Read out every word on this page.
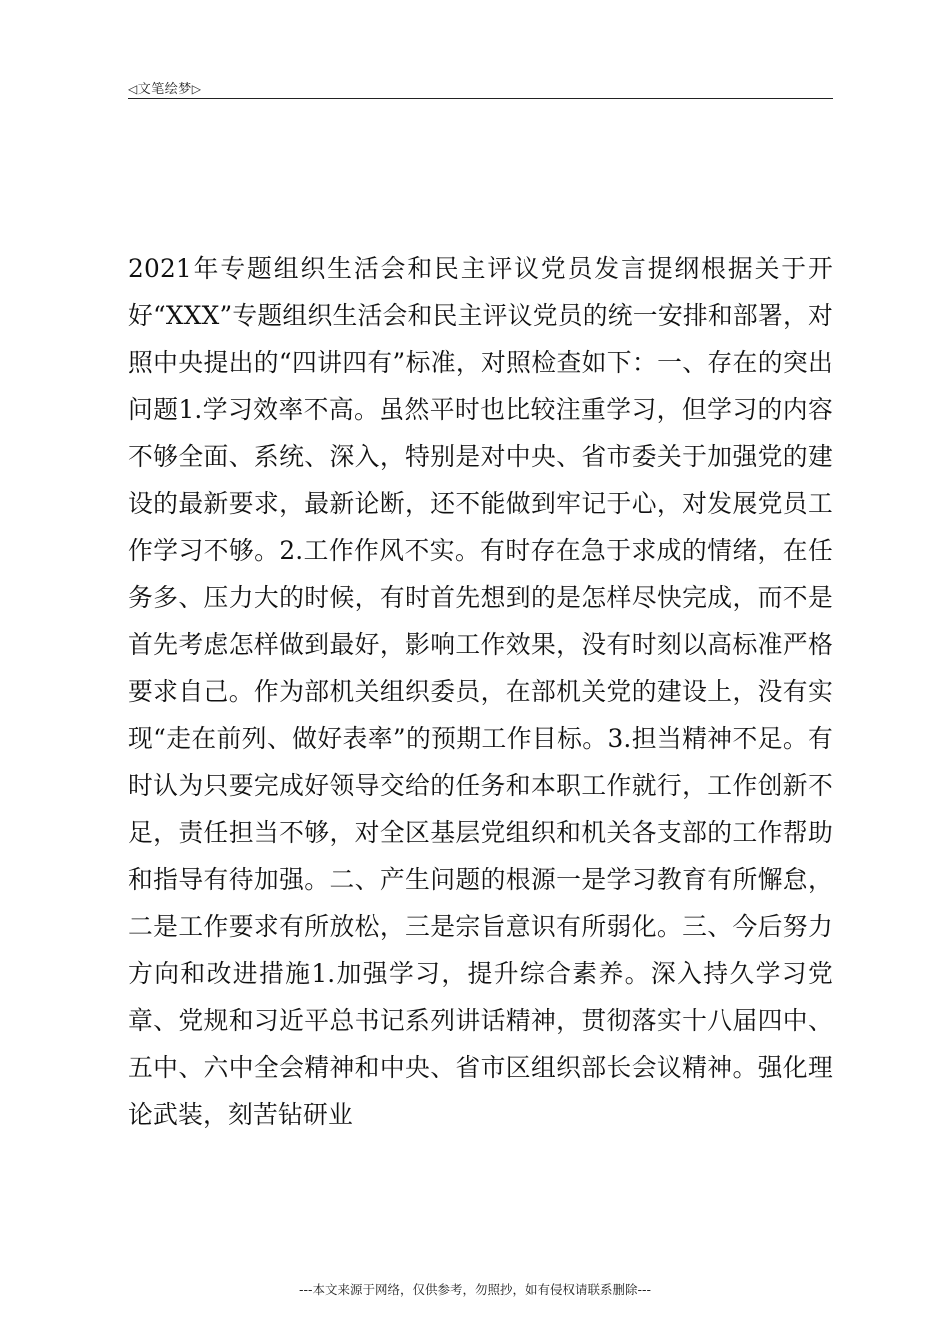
◁文笔绘梦▷
2021年专题组织生活会和民主评议党员发言提纲根据关于开好“XXX”专题组织生活会和民主评议党员的统一安排和部署，对照中央提出的“四讲四有”标准，对照检查如下：一、存在的突出问题1.学习效率不高。虽然平时也比较注重学习，但学习的内容不够全面、系统、深入，特别是对中央、省市委关于加强党的建设的最新要求，最新论断，还不能做到牢记于心，对发展党员工作学习不够。2.工作作风不实。有时存在急于求成的情绪，在任务多、压力大的时候，有时首先想到的是怎样尽快完成，而不是首先考虑怎样做到最好，影响工作效果，没有时刻以高标准严格要求自己。作为部机关组织委员，在部机关党的建设上，没有实现“走在前列、做好表率”的预期工作目标。3.担当精神不足。有时认为只要完成好领导交给的任务和本职工作就行，工作创新不足，责任担当不够，对全区基层党组织和机关各支部的工作帮助和指导有待加强。二、产生问题的根源一是学习教育有所懈怠，二是工作要求有所放松，三是宗旨意识有所弱化。三、今后努力方向和改进措施1.加强学习，提升综合素养。深入持久学习党章、党规和习近平总书记系列讲话精神，贯彻落实十八届四中、五中、六中全会精神和中央、省市区组织部长会议精神。强化理论武装，刻苦钻研业
---本文来源于网络，仅供参考，勿照抄，如有侵权请联系删除---
